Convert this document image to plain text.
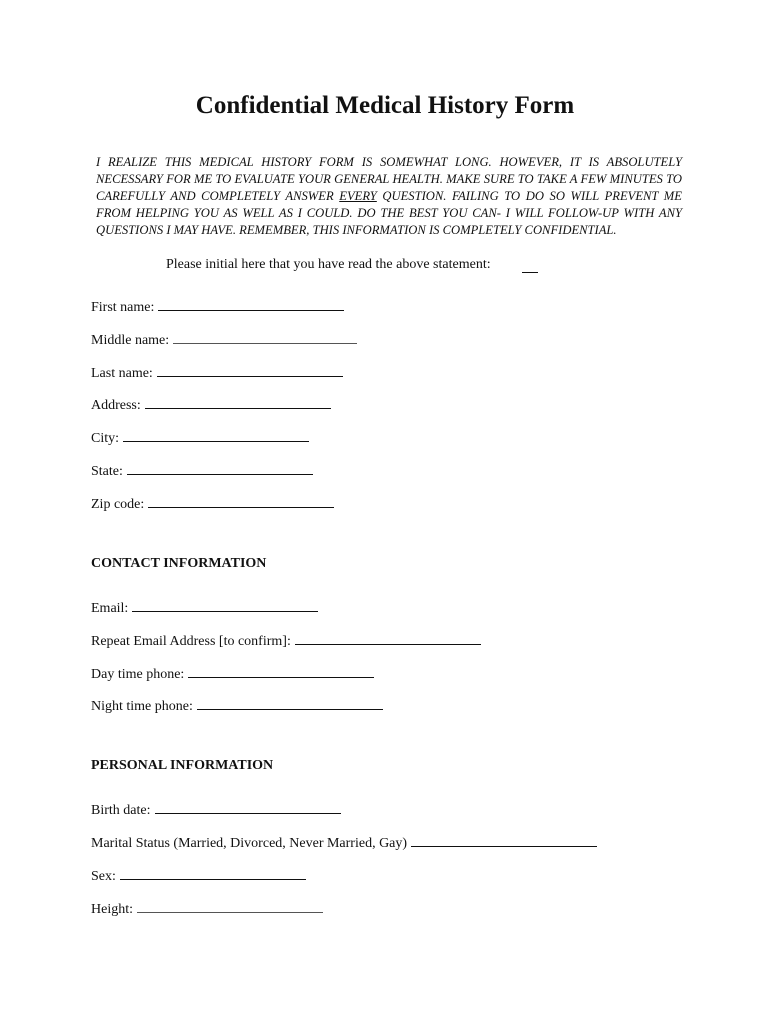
Confidential Medical History Form

I REALIZE THIS MEDICAL HISTORY FORM IS SOMEWHAT LONG. HOWEVER, IT IS ABSOLUTELY NECESSARY FOR ME TO EVALUATE YOUR GENERAL HEALTH. MAKE SURE TO TAKE A FEW MINUTES TO CAREFULLY AND COMPLETELY ANSWER EVERY QUESTION. FAILING TO DO SO WILL PREVENT ME FROM HELPING YOU AS WELL AS I COULD. DO THE BEST YOU CAN- I WILL FOLLOW-UP WITH ANY QUESTIONS I MAY HAVE. REMEMBER, THIS INFORMATION IS COMPLETELY CONFIDENTIAL.

Please initial here that you have read the above statement:
First name:
Middle name:
Last name:
Address:
City:
State:
Zip code:
CONTACT INFORMATION
Email:
Repeat Email Address [to confirm]:
Day time phone:
Night time phone:
PERSONAL INFORMATION
Birth date:
Marital Status (Married, Divorced, Never Married, Gay)
Sex:
Height:
